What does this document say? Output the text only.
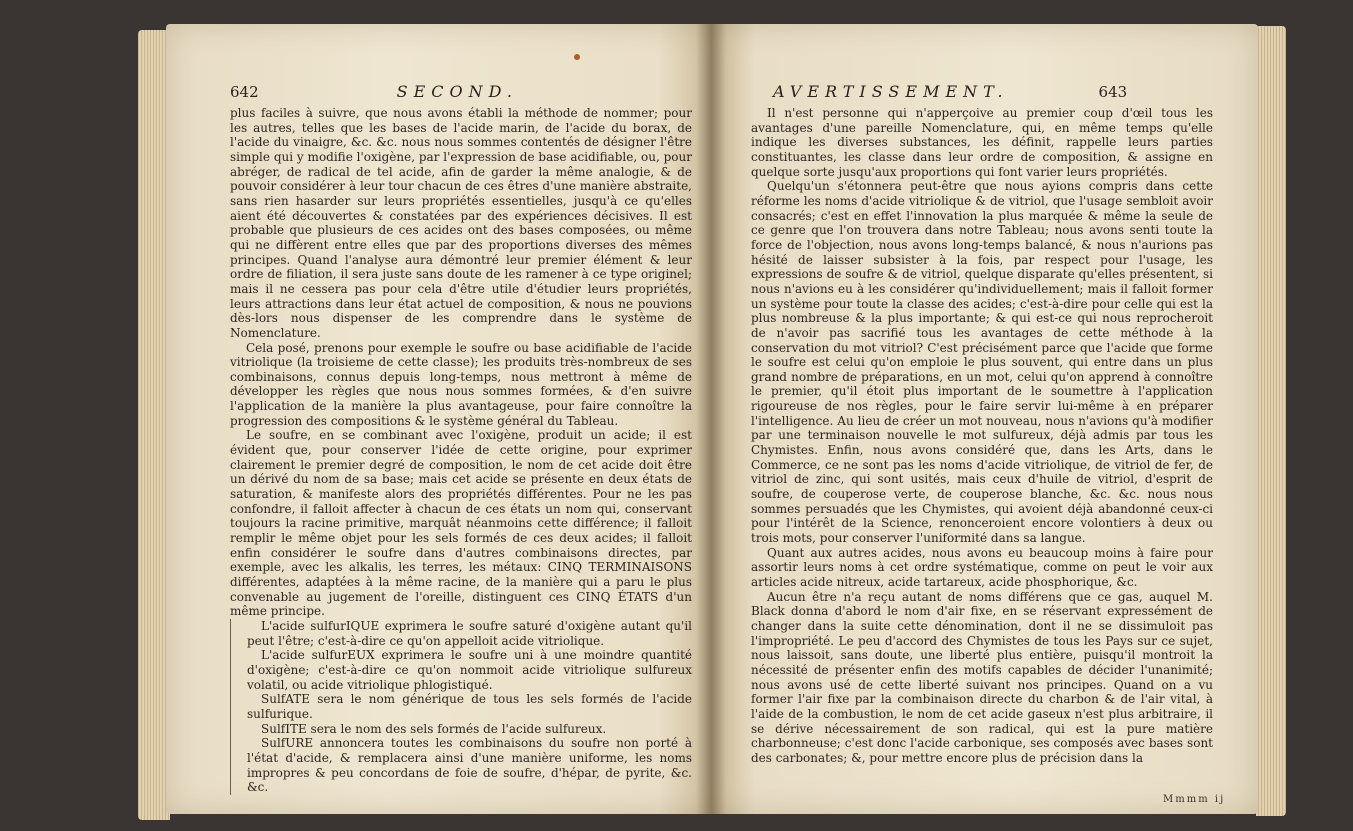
642	SECOND.

plus faciles à suivre, que nous avons établi la méthode de nommer; pour les autres, telles que les bases de l'acide marin, de l'acide du borax, de l'acide du vinaigre, &c. &c. nous nous sommes contentés de désigner l'être simple qui y modifie l'oxigène, par l'expression de base acidifiable, ou, pour abréger, de radical de tel acide, afin de garder la même analogie, & de pouvoir considérer à leur tour chacun de ces êtres d'une manière abstraite, sans rien hasarder sur leurs propriétés essentielles, jusqu'à ce qu'elles aient été découvertes & constatées par des expériences décisives. Il est probable que plusieurs de ces acides ont des bases composées, ou même qui ne diffèrent entre elles que par des proportions diverses des mêmes principes. Quand l'analyse aura démontré leur premier élément & leur ordre de filiation, il sera juste sans doute de les ramener à ce type originel; mais il ne cessera pas pour cela d'être utile d'étudier leurs propriétés, leurs attractions dans leur état actuel de composition, & nous ne pouvions dès-lors nous dispenser de les comprendre dans le système de Nomenclature.

Cela posé, prenons pour exemple le soufre ou base acidifiable de l'acide vitriolique (la troisieme de cette classe); les produits très-nombreux de ses combinaisons, connus depuis long-temps, nous mettront à même de développer les règles que nous nous sommes formées, & d'en suivre l'application de la manière la plus avantageuse, pour faire connoître la progression des compositions & le système général du Tableau.

Le soufre, en se combinant avec l'oxigène, produit un acide; il est évident que, pour conserver l'idée de cette origine, pour exprimer clairement le premier degré de composition, le nom de cet acide doit être un dérivé du nom de sa base; mais cet acide se présente en deux états de saturation, & manifeste alors des propriétés différentes. Pour ne les pas confondre, il falloit affecter à chacun de ces états un nom qui, conservant toujours la racine primitive, marquât néanmoins cette différence; il falloit remplir le même objet pour les sels formés de ces deux acides; il falloit enfin considérer le soufre dans d'autres combinaisons directes, par exemple, avec les alkalis, les terres, les métaux: CINQ TERMINAISONS différentes, adaptées à la même racine, de la manière qui a paru le plus convenable au jugement de l'oreille, distinguent ces CINQ ÉTATS d'un même principe.

L'acide sulfurIQUE exprimera le soufre saturé d'oxigène autant qu'il peut l'être; c'est-à-dire ce qu'on appelloit acide vitriolique.
L'acide sulfurEUX exprimera le soufre uni à une moindre quantité d'oxigène; c'est-à-dire ce qu'on nommoit acide vitriolique sulfureux volatil, ou acide vitriolique phlogistiqué.
SulfATE sera le nom générique de tous les sels formés de l'acide sulfurique.
SulfITE sera le nom des sels formés de l'acide sulfureux.
SulfURE annoncera toutes les combinaisons du soufre non porté à l'état d'acide, & remplacera ainsi d'une manière uniforme, les noms impropres & peu concordans de foie de soufre, d'hépar, de pyrite, &c. &c.
AVERTISSEMENT.	643

Il n'est personne qui n'apperçoive au premier coup d'œil tous les avantages d'une pareille Nomenclature, qui, en même temps qu'elle indique les diverses substances, les définit, rappelle leurs parties constituantes, les classe dans leur ordre de composition, & assigne en quelque sorte jusqu'aux proportions qui font varier leurs propriétés.

Quelqu'un s'étonnera peut-être que nous ayions compris dans cette réforme les noms d'acide vitriolique & de vitriol, que l'usage sembloit avoir consacrés; c'est en effet l'innovation la plus marquée & même la seule de ce genre que l'on trouvera dans notre Tableau; nous avons senti toute la force de l'objection, nous avons long-temps balancé, & nous n'aurions pas hésité de laisser subsister à la fois, par respect pour l'usage, les expressions de soufre & de vitriol, quelque disparate qu'elles présentent, si nous n'avions eu à les considérer qu'individuellement; mais il falloit former un système pour toute la classe des acides; c'est-à-dire pour celle qui est la plus nombreuse & la plus importante; & qui est-ce qui nous reprocheroit de n'avoir pas sacrifié tous les avantages de cette méthode à la conservation du mot vitriol? C'est précisément parce que l'acide que forme le soufre est celui qu'on emploie le plus souvent, qui entre dans un plus grand nombre de préparations, en un mot, celui qu'on apprend à connoître le premier, qu'il étoit plus important de le soumettre à l'application rigoureuse de nos règles, pour le faire servir lui-même à en préparer l'intelligence. Au lieu de créer un mot nouveau, nous n'avions qu'à modifier par une terminaison nouvelle le mot sulfureux, déjà admis par tous les Chymistes. Enfin, nous avons considéré que, dans les Arts, dans le Commerce, ce ne sont pas les noms d'acide vitriolique, de vitriol de fer, de vitriol de zinc, qui sont usités, mais ceux d'huile de vitriol, d'esprit de soufre, de couperose verte, de couperose blanche, &c. &c. nous nous sommes persuadés que les Chymistes, qui avoient déjà abandonné ceux-ci pour l'intérêt de la Science, renonceroient encore volontiers à deux ou trois mots, pour conserver l'uniformité dans sa langue.

Quant aux autres acides, nous avons eu beaucoup moins à faire pour assortir leurs noms à cet ordre systématique, comme on peut le voir aux articles acide nitreux, acide tartareux, acide phosphorique, &c.

Aucun être n'a reçu autant de noms différens que ce gas, auquel M. Black donna d'abord le nom d'air fixe, en se réservant expressément de changer dans la suite cette dénomination, dont il ne se dissimuloit pas l'impropriété. Le peu d'accord des Chymistes de tous les Pays sur ce sujet, nous laissoit, sans doute, une liberté plus entière, puisqu'il montroit la nécessité de présenter enfin des motifs capables de décider l'unanimité; nous avons usé de cette liberté suivant nos principes. Quand on a vu former l'air fixe par la combinaison directe du charbon & de l'air vital, à l'aide de la combustion, le nom de cet acide gaseux n'est plus arbitraire, il se dérive nécessairement de son radical, qui est la pure matière charbonneuse; c'est donc l'acide carbonique, ses composés avec bases sont des carbonates; &, pour mettre encore plus de précision dans la

Mmmm ij
